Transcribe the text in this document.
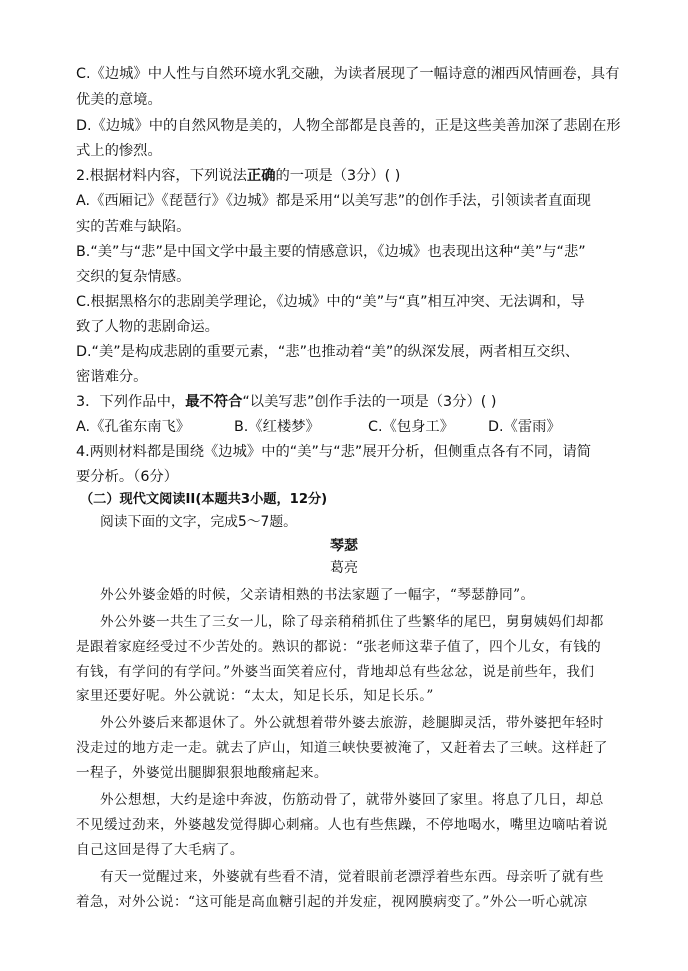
C.《边城》中人性与自然环境水乳交融，为读者展现了一幅诗意的湘西风情画卷，具有
优美的意境。
D.《边城》中的自然风物是美的，人物全部都是良善的，正是这些美善加深了悲剧在形
式上的惨烈。
2.根据材料内容，下列说法正确的一项是（3分）( )
A.《西厢记》《琵琶行》《边城》都是采用“以美写悲”的创作手法，引领读者直面现
实的苦难与缺陷。
B.“美”与“悲”是中国文学中最主要的情感意识，《边城》也表现出这种“美”与“悲”
交织的复杂情感。
C.根据黑格尔的悲剧美学理论，《边城》中的“美”与“真”相互冲突、无法调和，导
致了人物的悲剧命运。
D.“美”是构成悲剧的重要元素，“悲”也推动着“美”的纵深发展，两者相互交织、
密谐难分。
3．下列作品中，最不符合“以美写悲”创作手法的一项是（3分）( )
A.《孔雀东南飞》	B.《红楼梦》	C.《包身工》 D.《雷雨》
4.两则材料都是围绕《边城》中的“美”与“悲”展开分析，但侧重点各有不同，请简
要分析。（6分）
（二）现代文阅读II(本题共3小题，12分)
阅读下面的文字，完成5～7题。
琴瑟
葛亮
外公外婆金婚的时候，父亲请相熟的书法家题了一幅字，“琴瑟静同”。
外公外婆一共生了三女一儿，除了母亲稍稍抓住了些繁华的尾巴，舅舅姨妈们却都
是跟着家庭经受过不少苦处的。熟识的都说：“张老师这辈子值了，四个儿女，有钱的
有钱，有学问的有学问。”外婆当面笑着应付，背地却总有些忿忿，说是前些年，我们
家里还要好呢。外公就说：“太太，知足长乐，知足长乐。”
外公外婆后来都退休了。外公就想着带外婆去旅游，趁腿脚灵活，带外婆把年轻时
没走过的地方走一走。就去了庐山，知道三峡快要被淹了，又赶着去了三峡。这样赶了
一程子，外婆觉出腿脚狠狠地酸痛起来。
外公想想，大约是途中奔波，伤筋动骨了，就带外婆回了家里。将息了几日，却总
不见缓过劲来，外婆越发觉得脚心刺痛。人也有些焦躁，不停地喝水，嘴里边嘀咕着说
自己这回是得了大毛病了。
有天一觉醒过来，外婆就有些看不清，觉着眼前老漂浮着些东西。母亲听了就有些
着急，对外公说：“这可能是高血糖引起的并发症，视网膜病变了。”外公一听心就凉
